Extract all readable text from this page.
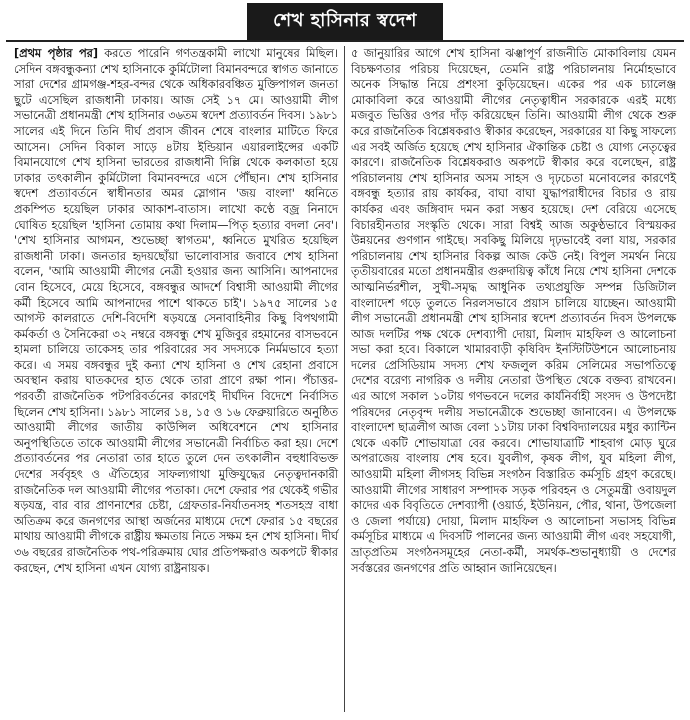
শেখ হাসিনার স্বদেশ

[প্রথম পৃষ্ঠার পর] করতে পারেনি গণতন্ত্রকামী লাখো মানুষের মিছিল। সেদিন বঙ্গবন্ধুকন্যা শেখ হাসিনাকে কুর্মিটোলা বিমানবন্দরে স্বাগত জানাতে সারা দেশের গ্রামগঞ্জ-শহর-বন্দর থেকে অধিকারবঞ্চিত মুক্তিপাগল জনতা ছুটে এসেছিল রাজধানী ঢাকায়। আজ সেই ১৭ মে। আওয়ামী লীগ সভানেত্রী প্রধানমন্ত্রী শেখ হাসিনার ৩৬তম স্বদেশ প্রত্যাবর্তন দিবস। ১৯৮১ সালের এই দিনে তিনি দীর্ঘ প্রবাস জীবন শেষে বাংলার মাটিতে ফিরে আসেন। সেদিন বিকাল সাড়ে ৪টায় ইন্ডিয়ান এয়ারলাইন্সের একটি বিমানযোগে শেখ হাসিনা ভারতের রাজধানী দিল্লি থেকে কলকাতা হয়ে ঢাকার তৎকালীন কুর্মিটোলা বিমানবন্দরে এসে পৌঁছান। শেখ হাসিনার স্বদেশ প্রত্যাবর্তনে স্বাধীনতার অমর স্লোগান 'জয় বাংলা' ধ্বনিতে প্রকম্পিত হয়েছিল ঢাকার আকাশ-বাতাস। লাখো কণ্ঠে বজ্র নিনাদে ঘোষিত হয়েছিল 'হাসিনা তোমায় কথা দিলাম—পিতৃ হত্যার বদলা নেব'। 'শেখ হাসিনার আগমন, শুভেচ্ছা স্বাগতম', ধ্বনিতে মুখরিত হয়েছিল রাজধানী ঢাকা। জনতার হৃদয়ছোঁয়া ভালোবাসার জবাবে শেখ হাসিনা বলেন, 'আমি আওয়ামী লীগের নেত্রী হওয়ার জন্য আসিনি। আপনাদের বোন হিসেবে, মেয়ে হিসেবে, বঙ্গবন্ধুর আদর্শে বিশ্বাসী আওয়ামী লীগের কর্মী হিসেবে আমি আপনাদের পাশে থাকতে চাই'। ১৯৭৫ সালের ১৫ আগস্ট কালরাতে দেশি-বিদেশি ষড়যন্ত্রে সেনাবাহিনীর কিছু বিপথগামী কর্মকর্তা ও সৈনিকেরা ৩২ নম্বরে বঙ্গবন্ধু শেখ মুজিবুর রহমানের বাসভবনে হামলা চালিয়ে তাকেসহ তার পরিবারের সব সদস্যকে নির্মমভাবে হত্যা করে। এ সময় বঙ্গবন্ধুর দুই কন্যা শেখ হাসিনা ও শেখ রেহানা প্রবাসে অবস্থান করায় ঘাতকদের হাত থেকে তারা প্রাণে রক্ষা পান। পঁচাত্তর-পরবর্তী রাজনৈতিক পটপরিবর্তনের কারণেই দীর্ঘদিন বিদেশে নির্বাসিত ছিলেন শেখ হাসিনা। ১৯৮১ সালের ১৪, ১৫ ও ১৬ ফেব্রুয়ারিতে অনুষ্ঠিত আওয়ামী লীগের জাতীয় কাউন্সিল অধিবেশনে শেখ হাসিনার অনুপস্থিতিতে তাকে আওয়ামী লীগের সভানেত্রী নির্বাচিত করা হয়। দেশে প্রত্যাবর্তনের পর নেতারা তার হাতে তুলে দেন তৎকালীন বহুধাবিভক্ত দেশের সর্ববৃহৎ ও ঐতিহ্যের সাফল্যগাথা মুক্তিযুদ্ধের নেতৃত্বদানকারী রাজনৈতিক দল আওয়ামী লীগের পতাকা। দেশে ফেরার পর থেকেই গভীর ষড়যন্ত্র, বার বার প্রাণনাশের চেষ্টা, গ্রেফতার-নির্যাতনসহ শতসহস্র বাধা অতিক্রম করে জনগণের আস্থা অর্জনের মাধ্যমে দেশে ফেরার ১৫ বছরের মাথায় আওয়ামী লীগকে রাষ্ট্রীয় ক্ষমতায় নিতে সক্ষম হন শেখ হাসিনা। দীর্ঘ ৩৬ বছরের রাজনৈতিক পথ-পরিক্রমায় ঘোর প্রতিপক্ষরাও অকপটে স্বীকার করছেন, শেখ হাসিনা এখন যোগ্য রাষ্ট্রনায়ক।

৫ জানুয়ারির আগে শেখ হাসিনা ঝঞ্ঝাপূর্ণ রাজনীতি মোকাবিলায় যেমন বিচক্ষণতার পরিচয় দিয়েছেন, তেমনি রাষ্ট্র পরিচালনায় নির্মোহভাবে অনেক সিদ্ধান্ত নিয়ে প্রশংসা কুড়িয়েছেন। একের পর এক চ্যালেঞ্জ মোকাবিলা করে আওয়ামী লীগের নেতৃত্বাধীন সরকারকে এরই মধ্যে মজবুত ভিত্তির ওপর দাঁড় করিয়েছেন তিনি। আওয়ামী লীগ থেকে শুরু করে রাজনৈতিক বিশ্লেষকরাও স্বীকার করেছেন, সরকারের যা কিছু সাফল্যে এর সবই অর্জিত হয়েছে শেখ হাসিনার ঐকান্তিক চেষ্টা ও যোগ্য নেতৃত্বের কারণে। রাজনৈতিক বিশ্লেষকরাও অকপটে স্বীকার করে বলেছেন, রাষ্ট্র পরিচালনায় শেখ হাসিনার অসম সাহস ও দৃঢ়চেতা মনোবলের কারণেই বঙ্গবন্ধু হত্যার রায় কার্যকর, বাঘা বাঘা যুদ্ধাপরাধীদের বিচার ও রায় কার্যকর এবং জঙ্গিবাদ দমন করা সম্ভব হয়েছে। দেশ বেরিয়ে এসেছে বিচারহীনতার সংস্কৃতি থেকে। সারা বিশ্বই আজ অকুণ্ঠভাবে বিস্ময়কর উন্নয়নের গুণগান গাইছে। সবকিছু মিলিয়ে দৃঢ়ভাবেই বলা যায়, সরকার পরিচালনায় শেখ হাসিনার বিকল্প আজ কেউ নেই। বিপুল সমর্থন নিয়ে তৃতীয়বারের মতো প্রধানমন্ত্রীর গুরুদায়িত্ব কাঁধে নিয়ে শেখ হাসিনা দেশকে আত্মনির্ভরশীল, সুখী-সমৃদ্ধ আধুনিক তথ্যপ্রযুক্তি সম্পন্ন ডিজিটাল বাংলাদেশ গড়ে তুলতে নিরলসভাবে প্রয়াস চালিয়ে যাচ্ছেন। আওয়ামী লীগ সভানেত্রী প্রধানমন্ত্রী শেখ হাসিনার স্বদেশ প্রত্যাবর্তন দিবস উপলক্ষে আজ দলটির পক্ষ থেকে দেশব্যাপী দোয়া, মিলাদ মাহফিল ও আলোচনা সভা করা হবে। বিকালে খামারবাড়ী কৃষিবিদ ইনস্টিটিউশনে আলোচনায় দলের প্রেসিডিয়াম সদস্য শেখ ফজলুল করিম সেলিমের সভাপতিত্বে দেশের বরেণ্য নাগরিক ও দলীয় নেতারা উপস্থিত থেকে বক্তব্য রাখবেন। এর আগে সকাল ১০টায় গণভবনে দলের কার্যনির্বাহী সংসদ ও উপদেষ্টা পরিষদের নেতৃবৃন্দ দলীয় সভানেত্রীকে শুভেচ্ছা জানাবেন। এ উপলক্ষে বাংলাদেশ ছাত্রলীগ আজ বেলা ১১টায় ঢাকা বিশ্ববিদ্যালয়ের মধুর ক্যান্টিন থেকে একটি শোভাযাত্রা বের করবে। শোভাযাত্রাটি শাহবাগ মোড় ঘুরে অপরাজেয় বাংলায় শেষ হবে। যুবলীগ, কৃষক লীগ, যুব মহিলা লীগ, আওয়ামী মহিলা লীগসহ বিভিন্ন সংগঠন বিস্তারিত কর্মসূচি গ্রহণ করেছে। আওয়ামী লীগের সাধারণ সম্পাদক সড়ক পরিবহন ও সেতুমন্ত্রী ওবায়দুল কাদের এক বিবৃতিতে দেশব্যাপী (ওয়ার্ড, ইউনিয়ন, পৌর, থানা, উপজেলা ও জেলা পর্যায়ে) দোয়া, মিলাদ মাহফিল ও আলোচনা সভাসহ বিভিন্ন কর্মসূচির মাধ্যমে এ দিবসটি পালনের জন্য আওয়ামী লীগ এবং সহযোগী, ভ্রাতৃপ্রতিম সংগঠনসমূহের নেতা-কর্মী, সমর্থক-শুভানুধ্যায়ী ও দেশের সর্বস্তরের জনগণের প্রতি আহ্বান জানিয়েছেন।
